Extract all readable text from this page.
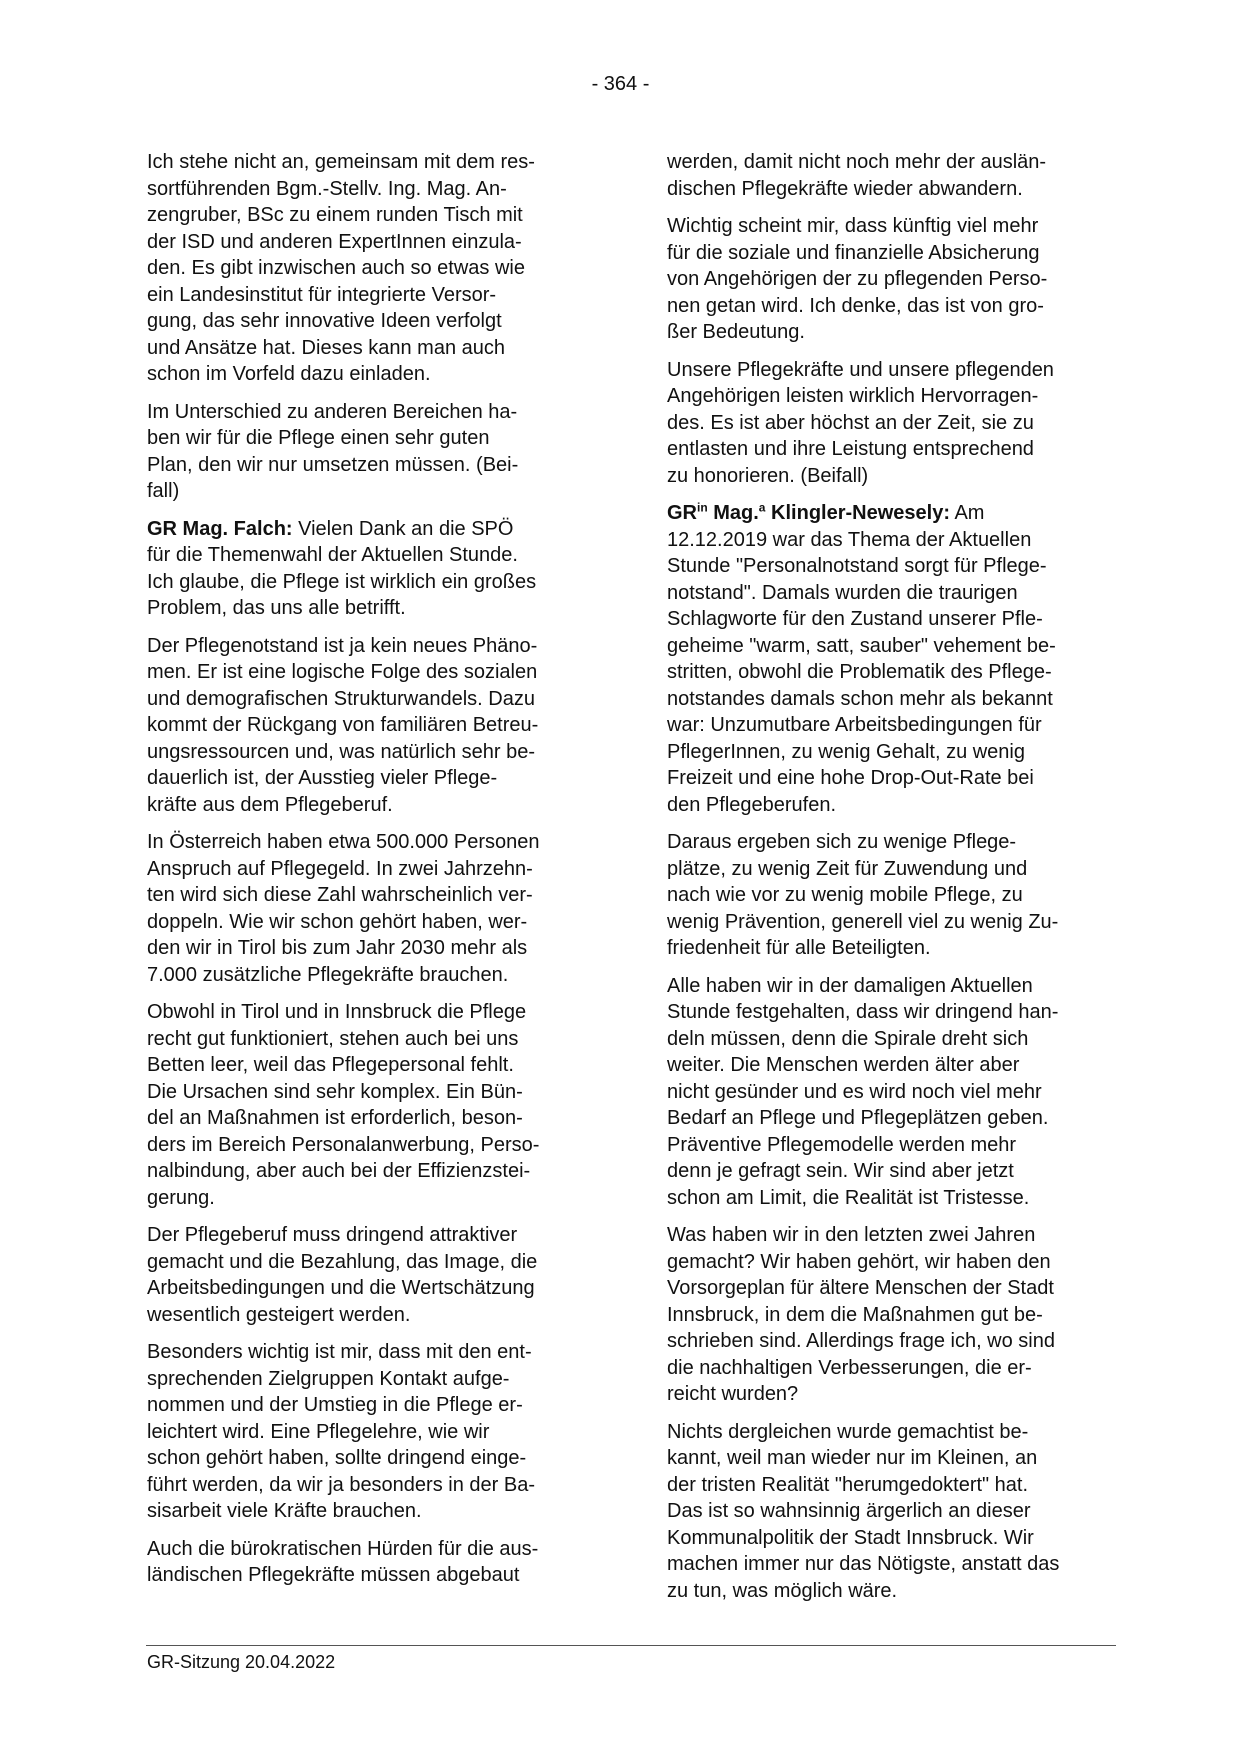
- 364 -

Ich stehe nicht an, gemeinsam mit dem res-
sortführenden Bgm.-Stellv. Ing. Mag. An-
zengruber, BSc zu einem runden Tisch mit
der ISD und anderen ExpertInnen einzula-
den. Es gibt inzwischen auch so etwas wie
ein Landesinstitut für integrierte Versor-
gung, das sehr innovative Ideen verfolgt
und Ansätze hat. Dieses kann man auch
schon im Vorfeld dazu einladen.

Im Unterschied zu anderen Bereichen ha-
ben wir für die Pflege einen sehr guten
Plan, den wir nur umsetzen müssen. (Bei-
fall)

GR Mag. Falch: Vielen Dank an die SPÖ
für die Themenwahl der Aktuellen Stunde.
Ich glaube, die Pflege ist wirklich ein großes
Problem, das uns alle betrifft.

Der Pflegenotstand ist ja kein neues Phäno-
men. Er ist eine logische Folge des sozialen
und demografischen Strukturwandels. Dazu
kommt der Rückgang von familiären Betreu-
ungsressourcen und, was natürlich sehr be-
dauerlich ist, der Ausstieg vieler Pflege-
kräfte aus dem Pflegeberuf.

In Österreich haben etwa 500.000 Personen
Anspruch auf Pflegegeld. In zwei Jahrzehn-
ten wird sich diese Zahl wahrscheinlich ver-
doppeln. Wie wir schon gehört haben, wer-
den wir in Tirol bis zum Jahr 2030 mehr als
7.000 zusätzliche Pflegekräfte brauchen.

Obwohl in Tirol und in Innsbruck die Pflege
recht gut funktioniert, stehen auch bei uns
Betten leer, weil das Pflegepersonal fehlt.
Die Ursachen sind sehr komplex. Ein Bün-
del an Maßnahmen ist erforderlich, beson-
ders im Bereich Personalanwerbung, Perso-
nalbindung, aber auch bei der Effizienzstei-
gerung.

Der Pflegeberuf muss dringend attraktiver
gemacht und die Bezahlung, das Image, die
Arbeitsbedingungen und die Wertschätzung
wesentlich gesteigert werden.

Besonders wichtig ist mir, dass mit den ent-
sprechenden Zielgruppen Kontakt aufge-
nommen und der Umstieg in die Pflege er-
leichtert wird. Eine Pflegelehre, wie wir
schon gehört haben, sollte dringend einge-
führt werden, da wir ja besonders in der Ba-
sisarbeit viele Kräfte brauchen.

Auch die bürokratischen Hürden für die aus-
ländischen Pflegekräfte müssen abgebaut

werden, damit nicht noch mehr der auslän-
dischen Pflegekräfte wieder abwandern.

Wichtig scheint mir, dass künftig viel mehr
für die soziale und finanzielle Absicherung
von Angehörigen der zu pflegenden Perso-
nen getan wird. Ich denke, das ist von gro-
ßer Bedeutung.

Unsere Pflegekräfte und unsere pflegenden
Angehörigen leisten wirklich Hervorragen-
des. Es ist aber höchst an der Zeit, sie zu
entlasten und ihre Leistung entsprechend
zu honorieren. (Beifall)

$GR^{in}$ Mag.$^a$ Klingler-Newesely: Am
12.12.2019 war das Thema der Aktuellen
Stunde "Personalnotstand sorgt für Pflege-
notstand". Damals wurden die traurigen
Schlagworte für den Zustand unserer Pfle-
geheime "warm, satt, sauber" vehement be-
stritten, obwohl die Problematik des Pflege-
notstandes damals schon mehr als bekannt
war: Unzumutbare Arbeitsbedingungen für
PflegerInnen, zu wenig Gehalt, zu wenig
Freizeit und eine hohe Drop-Out-Rate bei
den Pflegeberufen.

Daraus ergeben sich zu wenige Pflege-
plätze, zu wenig Zeit für Zuwendung und
nach wie vor zu wenig mobile Pflege, zu
wenig Prävention, generell viel zu wenig Zu-
friedenheit für alle Beteiligten.

Alle haben wir in der damaligen Aktuellen
Stunde festgehalten, dass wir dringend han-
deln müssen, denn die Spirale dreht sich
weiter. Die Menschen werden älter aber
nicht gesünder und es wird noch viel mehr
Bedarf an Pflege und Pflegeplätzen geben.
Präventive Pflegemodelle werden mehr
denn je gefragt sein. Wir sind aber jetzt
schon am Limit, die Realität ist Tristesse.

Was haben wir in den letzten zwei Jahren
gemacht? Wir haben gehört, wir haben den
Vorsorgeplan für ältere Menschen der Stadt
Innsbruck, in dem die Maßnahmen gut be-
schrieben sind. Allerdings frage ich, wo sind
die nachhaltigen Verbesserungen, die er-
reicht wurden?

Nichts dergleichen wurde gemachtist be-
kannt, weil man wieder nur im Kleinen, an
der tristen Realität "herumgedoktert" hat.
Das ist so wahnsinnig ärgerlich an dieser
Kommunalpolitik der Stadt Innsbruck. Wir
machen immer nur das Nötigste, anstatt das
zu tun, was möglich wäre.

GR-Sitzung 20.04.2022
